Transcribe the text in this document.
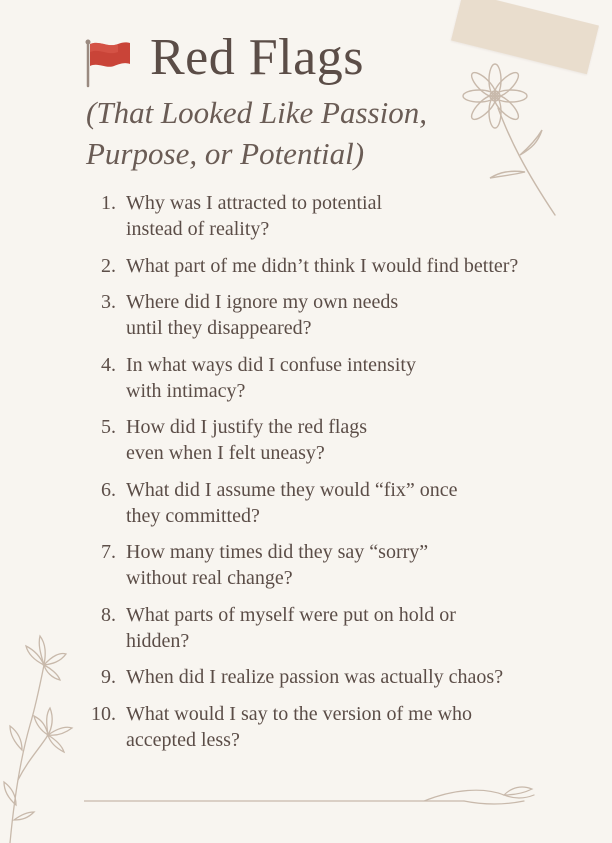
Red Flags

(That Looked Like Passion, Purpose, or Potential)

1. Why was I attracted to potential instead of reality?
2. What part of me didn’t think I would find better?
3. Where did I ignore my own needs until they disappeared?
4. In what ways did I confuse intensity with intimacy?
5. How did I justify the red flags even when I felt uneasy?
6. What did I assume they would “fix” once they committed?
7. How many times did they say “sorry” without real change?
8. What parts of myself were put on hold or hidden?
9. When did I realize passion was actually chaos?
10. What would I say to the version of me who accepted less?
